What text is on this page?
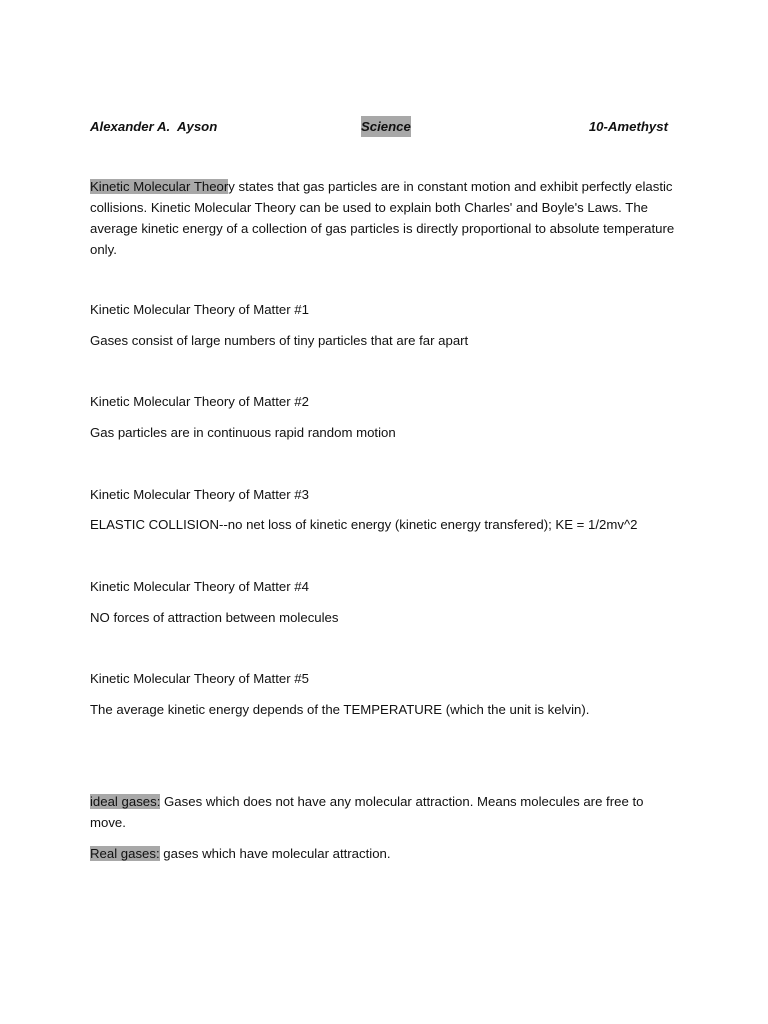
Alexander A.  Ayson	Science	10-Amethyst

Kinetic Molecular Theory states that gas particles are in constant motion and exhibit perfectly elastic collisions. Kinetic Molecular Theory can be used to explain both Charles' and Boyle's Laws. The average kinetic energy of a collection of gas particles is directly proportional to absolute temperature only.

Kinetic Molecular Theory of Matter #1

Gases consist of large numbers of tiny particles that are far apart

Kinetic Molecular Theory of Matter #2

Gas particles are in continuous rapid random motion

Kinetic Molecular Theory of Matter #3

ELASTIC COLLISION--no net loss of kinetic energy (kinetic energy transfered); KE = 1/2mv^2

Kinetic Molecular Theory of Matter #4

NO forces of attraction between molecules

Kinetic Molecular Theory of Matter #5

The average kinetic energy depends of the TEMPERATURE (which the unit is kelvin).

ideal gases: Gases which does not have any molecular attraction. Means molecules are free to move.

Real gases: gases which have molecular attraction.
